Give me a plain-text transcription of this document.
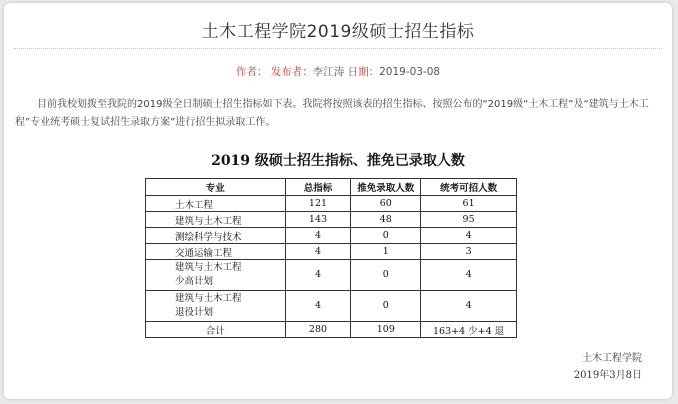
土木工程学院2019级硕士招生指标
作者： 发布者：李江涛 日期：2019-03-08
目前我校划拨至我院的2019级全日制硕士招生指标如下表。我院将按照该表的招生指标、按照公布的“2019级“土木工程”及“建筑与土木工程”专业统考硕士复试招生录取方案”进行招生拟录取工作。
2019 级硕士招生指标、推免已录取人数
专业	总指标	推免录取人数	统考可招人数
土木工程	121	60	61
建筑与土木工程	143	48	95
测绘科学与技术	4	0	4
交通运输工程	4	1	3
建筑与土木工程
少高计划	4	0	4
建筑与土木工程
退役计划	4	0	4
合计	280	109	163+4 少+4 退
土木工程学院
2019年3月8日
